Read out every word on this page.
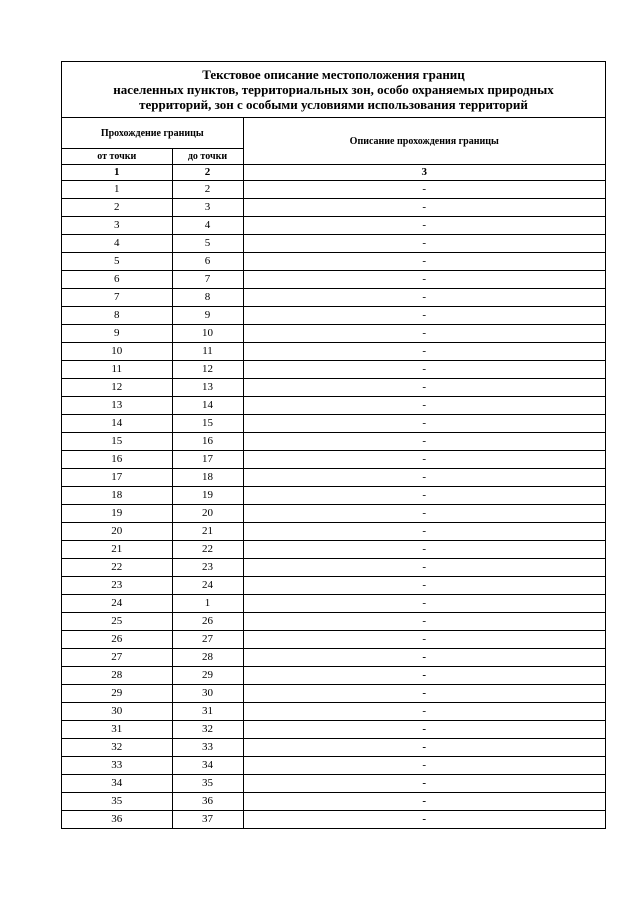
Текстовое описание местоположения границ
населенных пунктов, территориальных зон, особо охраняемых природных
территорий, зон с особыми условиями использования территорий
Прохождение границы		Описание прохождения границы
от точки	до точки	
1	2	3
1	2	-
2	3	-
3	4	-
4	5	-
5	6	-
6	7	-
7	8	-
8	9	-
9	10	-
10	11	-
11	12	-
12	13	-
13	14	-
14	15	-
15	16	-
16	17	-
17	18	-
18	19	-
19	20	-
20	21	-
21	22	-
22	23	-
23	24	-
24	1	-
25	26	-
26	27	-
27	28	-
28	29	-
29	30	-
30	31	-
31	32	-
32	33	-
33	34	-
34	35	-
35	36	-
36	37	-
